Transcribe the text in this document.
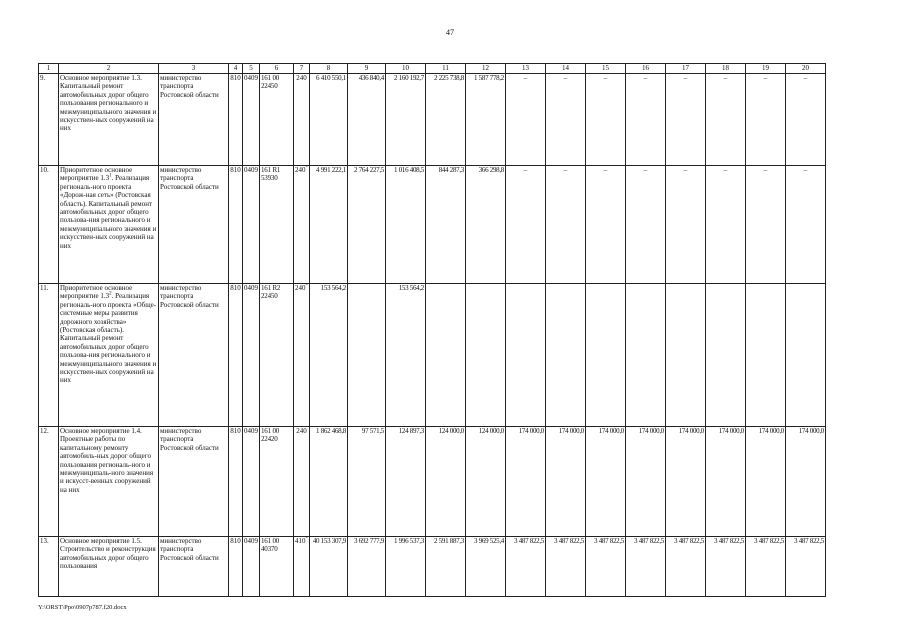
47
1	2	3	4	5	6	7	8	9	10	11	12	13	14	15	16	17	18	19	20
9.	Основное мероприятие 1.3. Капитальный ремонт автомобильных дорог общего пользования регионального и межмуниципального значения и искусствен-ных сооружений на них	министерство транспорта Ростовской области	810	0409	161 00 22450	240	6 410 550,1	436 840,4	2 160 192,7	2 225 738,8	1 587 778,2	–	–	–	–	–	–	–	–
10.	Приоритетное основное мероприятие $1.3^1$. Реализация региональ-ного проекта «Дорож-ная сеть» (Ростовская область). Капитальный ремонт автомобильных дорог общего пользова-ния регионального и межмуниципального значения и искусствен-ных сооружений на них	министерство транспорта Ростовской области	810	0409	161 R1 53930	240*	4 991 222,1	2 764 227,5	1 016 408,5	844 287,3	366 298,8	–	–	–	–	–	–	–	–
11.	Приоритетное основное мероприятие $1.3^2$. Реализация региональ-ного проекта «Обще-системные меры развития дорожного хозяйства» (Ростовская область). Капитальный ремонт автомобильных дорог общего пользова-ния регионального и межмуниципального значения и искусствен-ных сооружений на них	министерство транспорта Ростовской области	810	0409	161 R2 22450	240*	153 564,2		153 564,2										
12.	Основное мероприятие 1.4. Проектные работы по капитальному ремонту автомобиль-ных дорог общего пользования региональ-ного и межмуниципаль-ного значения и искусст-венных сооружений на них	министерство транспорта Ростовской области	810	0409	161 00 22420	240	1 862 468,8	97 571,5	124 897,3	124 000,0	124 000,0	174 000,0	174 000,0	174 000,0	174 000,0	174 000,0	174 000,0	174 000,0	174 000,0
13.	Основное мероприятие 1.5. Строительство и реконструкция автомобильных дорог общего пользования	министерство транспорта Ростовской области	810	0409	161 00 40370	410*	40 153 307,9	3 692 777,9	1 996 537,3	2 591 887,3	3 969 525,4	3 487 822,5	3 487 822,5	3 487 822,5	3 487 822,5	3 487 822,5	3 487 822,5	3 487 822,5	3 487 822,5
Y:\ORST\Ppo\0907p787.f20.docx
